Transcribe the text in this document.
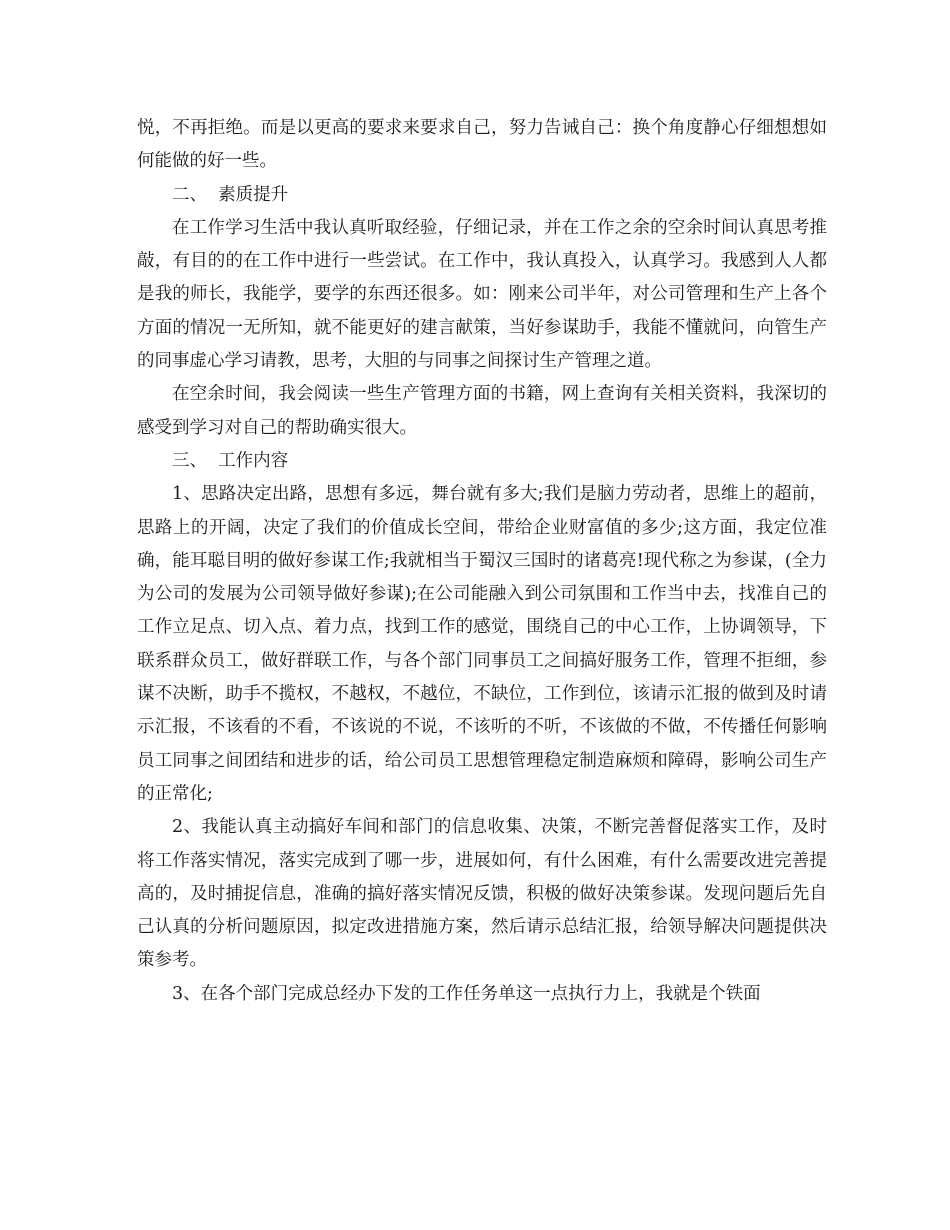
悦，不再拒绝。而是以更高的要求来要求自己，努力告诫自己：换个角度静心仔细想想如何能做的好一些。

二、  素质提升

在工作学习生活中我认真听取经验，仔细记录，并在工作之余的空余时间认真思考推敲，有目的的在工作中进行一些尝试。在工作中，我认真投入，认真学习。我感到人人都是我的师长，我能学，要学的东西还很多。如：刚来公司半年，对公司管理和生产上各个方面的情况一无所知，就不能更好的建言献策，当好参谋助手，我能不懂就问，向管生产的同事虚心学习请教，思考，大胆的与同事之间探讨生产管理之道。

在空余时间，我会阅读一些生产管理方面的书籍，网上查询有关相关资料，我深切的感受到学习对自己的帮助确实很大。

三、  工作内容

1、思路决定出路，思想有多远，舞台就有多大;我们是脑力劳动者，思维上的超前，思路上的开阔，决定了我们的价值成长空间，带给企业财富值的多少;这方面，我定位准确，能耳聪目明的做好参谋工作;我就相当于蜀汉三国时的诸葛亮!现代称之为参谋，(全力为公司的发展为公司领导做好参谋);在公司能融入到公司氛围和工作当中去，找准自己的工作立足点、切入点、着力点，找到工作的感觉，围绕自己的中心工作，上协调领导，下联系群众员工，做好群联工作，与各个部门同事员工之间搞好服务工作，管理不拒细，参谋不决断，助手不揽权，不越权，不越位，不缺位，工作到位，该请示汇报的做到及时请示汇报，不该看的不看，不该说的不说，不该听的不听，不该做的不做，不传播任何影响员工同事之间团结和进步的话，给公司员工思想管理稳定制造麻烦和障碍，影响公司生产的正常化;

2、我能认真主动搞好车间和部门的信息收集、决策，不断完善督促落实工作，及时将工作落实情况，落实完成到了哪一步，进展如何，有什么困难，有什么需要改进完善提高的，及时捕捉信息，准确的搞好落实情况反馈，积极的做好决策参谋。发现问题后先自己认真的分析问题原因，拟定改进措施方案，然后请示总结汇报，给领导解决问题提供决策参考。

3、在各个部门完成总经办下发的工作任务单这一点执行力上，我就是个铁面
